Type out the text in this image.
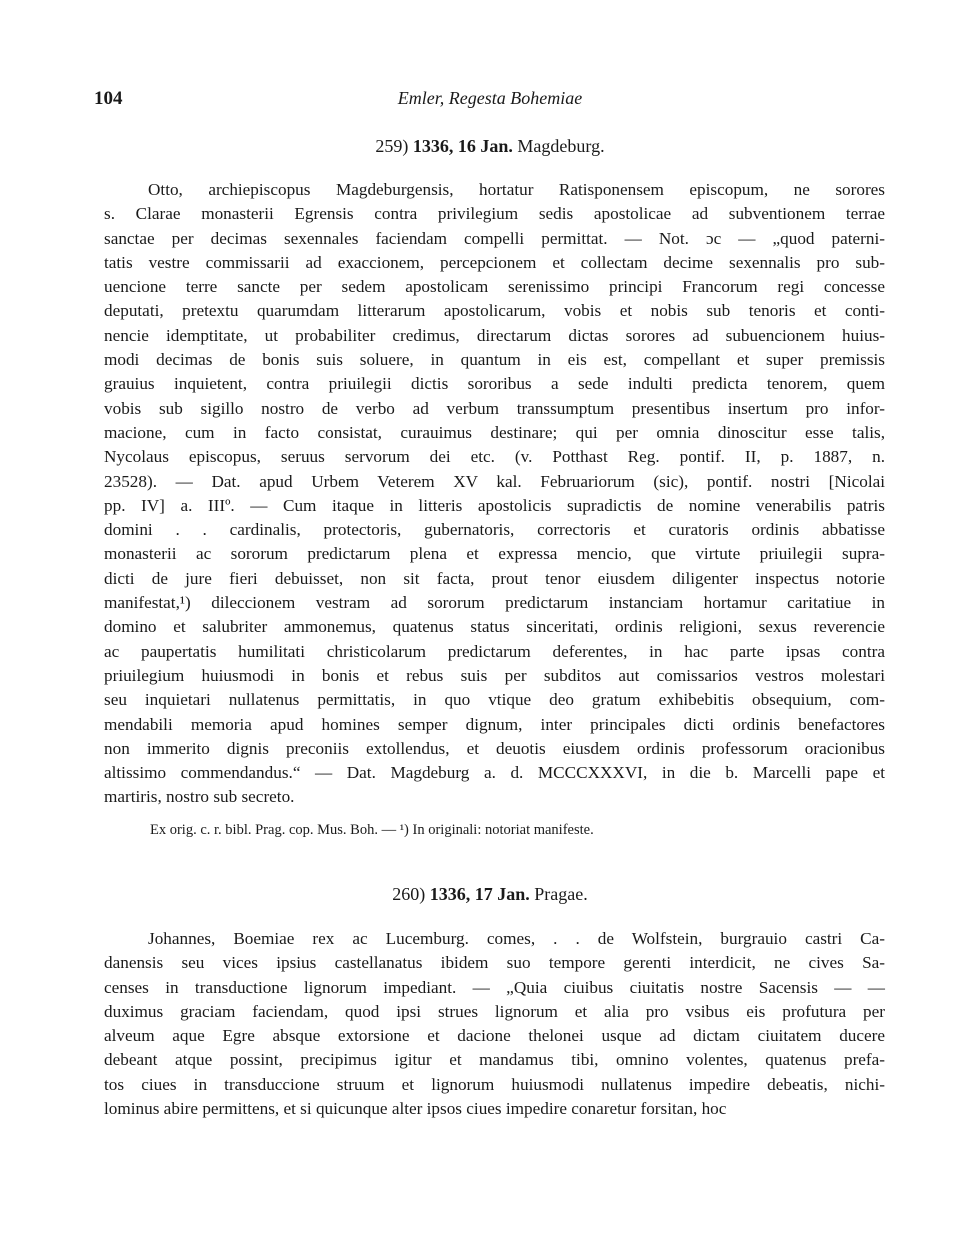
104	Emler, Regesta Bohemiae
259) 1336, 16 Jan. Magdeburg.

Otto, archiepiscopus Magdeburgensis, hortatur Ratisponensem episcopum, ne sorores
s. Clarae monasterii Egrensis contra privilegium sedis apostolicae ad subventionem terrae
sanctae per decimas sexennales faciendam compelli permittat. — Not. ɔc — „quod paterni-
tatis vestre commissarii ad exaccionem, percepcionem et collectam decime sexennalis pro sub-
uencione terre sancte per sedem apostolicam serenissimo principi Francorum regi concesse
deputati, pretextu quarumdam litterarum apostolicarum, vobis et nobis sub tenoris et conti-
nencie idemptitate, ut probabiliter credimus, directarum dictas sorores ad subuencionem huius-
modi decimas de bonis suis soluere, in quantum in eis est, compellant et super premissis
grauius inquietent, contra priuilegii dictis sororibus a sede indulti predicta tenorem, quem
vobis sub sigillo nostro de verbo ad verbum transsumptum presentibus insertum pro infor-
macione, cum in facto consistat, curauimus destinare; qui per omnia dinoscitur esse talis,
Nycolaus episcopus, seruus servorum dei etc. (v. Potthast Reg. pontif. II, p. 1887, n.
23528). — Dat. apud Urbem Veterem XV kal. Februariorum (sic), pontif. nostri [Nicolai
pp. IV] a. IIIº. — Cum itaque in litteris apostolicis supradictis de nomine venerabilis patris
domini . . cardinalis, protectoris, gubernatoris, correctoris et curatoris ordinis abbatisse
monasterii ac sororum predictarum plena et expressa mencio, que virtute priuilegii supra-
dicti de jure fieri debuisset, non sit facta, prout tenor eiusdem diligenter inspectus notorie
manifestat,¹) dileccionem vestram ad sororum predictarum instanciam hortamur caritatiue in
domino et salubriter ammonemus, quatenus status sinceritati, ordinis religioni, sexus reverencie
ac paupertatis humilitati christicolarum predictarum deferentes, in hac parte ipsas contra
priuilegium huiusmodi in bonis et rebus suis per subditos aut comissarios vestros molestari
seu inquietari nullatenus permittatis, in quo vtique deo gratum exhibebitis obsequium, com-
mendabili memoria apud homines semper dignum, inter principales dicti ordinis benefactores
non immerito dignis preconiis extollendus, et deuotis eiusdem ordinis professorum oracionibus
altissimo commendandus.“ — Dat. Magdeburg a. d. MCCCXXXVI, in die b. Marcelli pape et
martiris, nostro sub secreto.

Ex orig. c. r. bibl. Prag. cop. Mus. Boh. — ¹) In originali: notoriat manifeste.
260) 1336, 17 Jan. Pragae.

Johannes, Boemiae rex ac Lucemburg. comes, . . de Wolfstein, burgrauio castri Ca-
danensis seu vices ipsius castellanatus ibidem suo tempore gerenti interdicit, ne cives Sa-
censes in transductione lignorum impediant. — „Quia ciuibus ciuitatis nostre Sacensis — —
duximus graciam faciendam, quod ipsi strues lignorum et alia pro vsibus eis profutura per
alveum aque Egre absque extorsione et dacione thelonei usque ad dictam ciuitatem ducere
debeant atque possint, precipimus igitur et mandamus tibi, omnino volentes, quatenus prefa-
tos ciues in transduccione struum et lignorum huiusmodi nullatenus impedire debeatis, nichi-
lominus abire permittens, et si quicunque alter ipsos ciues impedire conaretur forsitan, hoc
